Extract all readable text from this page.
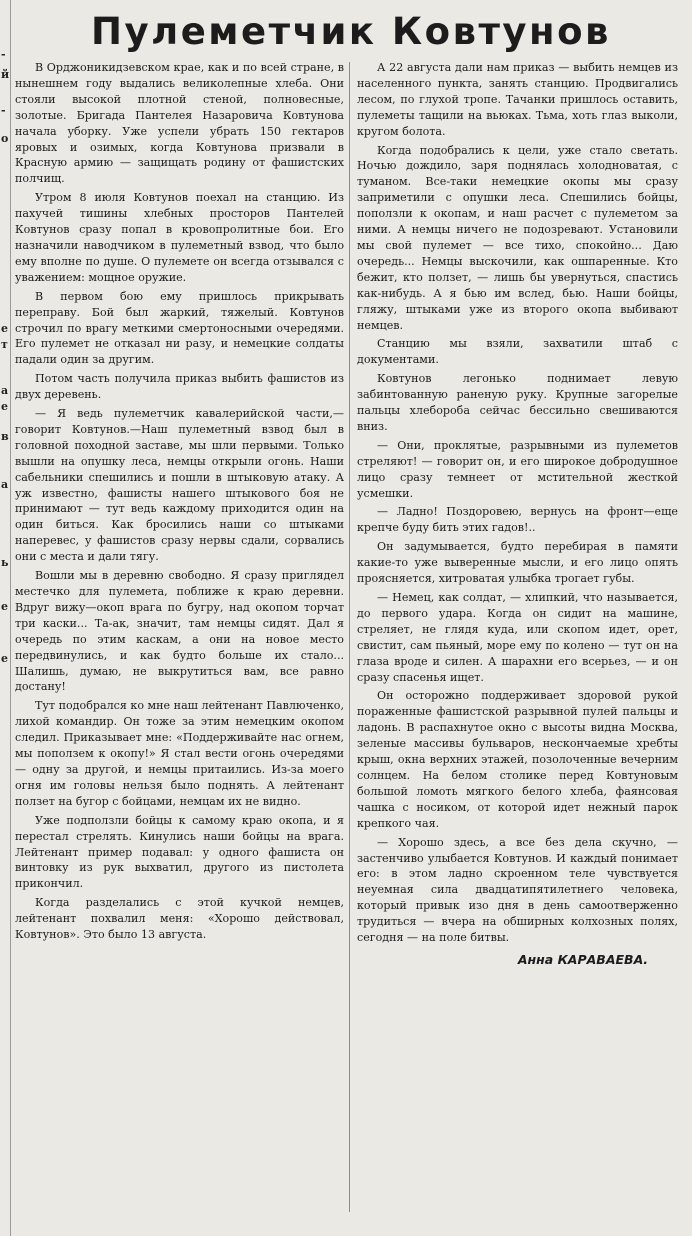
-
й
-
о
е
т
а
е
в
а
ь
е
е
Пулеметчик Ковтунов

В Орджоникидзевском крае, как и по всей стране, в нынешнем году выдались великолепные хлеба. Они стояли высокой плотной стеной, полновесные, золотые. Бригада Пантелея Назаровича Ковтунова начала уборку. Уже успели убрать 150 гектаров яровых и озимых, когда Ковтунова призвали в Красную армию — защищать родину от фашистских полчищ.

Утром 8 июля Ковтунов поехал на станцию. Из пахучей тишины хлебных просторов Пантелей Ковтунов сразу попал в кровопролитные бои. Его назначили наводчиком в пулеметный взвод, что было ему вполне по душе. О пулемете он всегда отзывался с уважением: мощное оружие.

В первом бою ему пришлось прикрывать переправу. Бой был жаркий, тяжелый. Ковтунов строчил по врагу меткими смертоносными очередями. Его пулемет не отказал ни разу, и немецкие солдаты падали один за другим.

Потом часть получила приказ выбить фашистов из двух деревень.

— Я ведь пулеметчик кавалерийской части,—говорит Ковтунов.—Наш пулеметный взвод был в головной походной заставе, мы шли первыми. Только вышли на опушку леса, немцы открыли огонь. Наши сабельники спешились и пошли в штыковую атаку. А уж известно, фашисты нашего штыкового боя не принимают — тут ведь каждому приходится один на один биться. Как бросились наши со штыками наперевес, у фашистов сразу нервы сдали, сорвались они с места и дали тягу.

Вошли мы в деревню свободно. Я сразу приглядел местечко для пулемета, поближе к краю деревни. Вдруг вижу—окоп врага по бугру, над окопом торчат три каски... Та-ак, значит, там немцы сидят. Дал я очередь по этим каскам, а они на новое место передвинулись, и как будто больше их стало... Шалишь, думаю, не выкрутиться вам, все равно достану!

Тут подобрался ко мне наш лейтенант Павлюченко, лихой командир. Он тоже за этим немецким окопом следил. Приказывает мне: «Поддерживайте нас огнем, мы поползем к окопу!» Я стал вести огонь очередями — одну за другой, и немцы притаились. Из-за моего огня им головы нельзя было поднять. А лейтенант ползет на бугор с бойцами, немцам их не видно.

Уже подползли бойцы к самому краю окопа, и я перестал стрелять. Кинулись наши бойцы на врага. Лейтенант пример подавал: у одного фашиста он винтовку из рук выхватил, другого из пистолета прикончил.

Когда разделались с этой кучкой немцев, лейтенант похвалил меня: «Хорошо действовал, Ковтунов». Это было 13 августа.

А 22 августа дали нам приказ — выбить немцев из населенного пункта, занять станцию. Продвигались лесом, по глухой тропе. Тачанки пришлось оставить, пулеметы тащили на вьюках. Тьма, хоть глаз выколи, кругом болота.

Когда подобрались к цели, уже стало светать. Ночью дождило, заря поднялась холодноватая, с туманом. Все-таки немецкие окопы мы сразу заприметили с опушки леса. Спешились бойцы, поползли к окопам, и наш расчет с пулеметом за ними. А немцы ничего не подозревают. Установили мы свой пулемет — все тихо, спокойно... Даю очередь... Немцы выскочили, как ошпаренные. Кто бежит, кто ползет, — лишь бы увернуться, спастись как-нибудь. А я бью им вслед, бью. Наши бойцы, гляжу, штыками уже из второго окопа выбивают немцев.

Станцию мы взяли, захватили штаб с документами.

Ковтунов легонько поднимает левую забинтованную раненую руку. Крупные загорелые пальцы хлебороба сейчас бессильно свешиваются вниз.

— Они, проклятые, разрывными из пулеметов стреляют! — говорит он, и его широкое добродушное лицо сразу темнеет от мстительной жесткой усмешки.

— Ладно! Поздоровею, вернусь на фронт—еще крепче буду бить этих гадов!..

Он задумывается, будто перебирая в памяти какие-то уже выверенные мысли, и его лицо опять проясняется, хитроватая улыбка трогает губы.

— Немец, как солдат, — хлипкий, что называется, до первого удара. Когда он сидит на машине, стреляет, не глядя куда, или скопом идет, орет, свистит, сам пьяный, море ему по колено — тут он на глаза вроде и силен. А шарахни его всерьез, — и он сразу спасенья ищет.

Он осторожно поддерживает здоровой рукой пораженные фашистской разрывной пулей пальцы и ладонь. В распахнутое окно с высоты видна Москва, зеленые массивы бульваров, нескончаемые хребты крыш, окна верхних этажей, позолоченные вечерним солнцем. На белом столике перед Ковтуновым большой ломоть мягкого белого хлеба, фаянсовая чашка с носиком, от которой идет нежный парок крепкого чая.

— Хорошо здесь, а все без дела скучно, — застенчиво улыбается Ковтунов. И каждый понимает его: в этом ладно скроенном теле чувствуется неуемная сила двадцатипятилетнего человека, который привык изо дня в день самоотверженно трудиться — вчера на обширных колхозных полях, сегодня — на поле битвы.

Анна КАРАВАЕВА.
